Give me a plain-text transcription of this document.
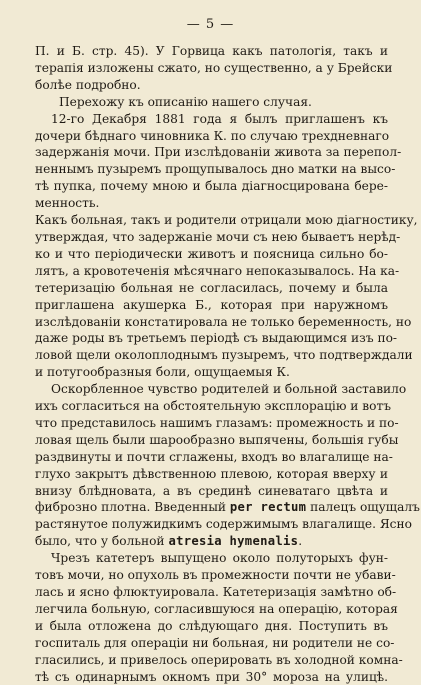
— 5 —

П. и Б. стр. 45). У Горвица какъ патологія, такъ и
терапія изложены сжато, но существенно, а у Брейски
болѣе подробно.

Перехожу къ описанію нашего случая.

12-го Декабря 1881 года я былъ приглашенъ къ
дочери бѣднаго чиновника К. по случаю трехдневнаго
задержанія мочи. При изслѣдованіи живота за перепол-
неннымъ пузыремъ прощупывалось дно матки на высо-
тѣ пупка, почему мною и была діагносцирована бере-
менность.

Какъ больная, такъ и родители отрицали мою діагностику,
утверждая, что задержаніе мочи съ нею бываетъ нерѣд-
ко и что періодически животъ и поясница сильно бо-
лятъ, а кровотеченія мѣсячнаго непоказывалось. На ка-
тетеризацію больная не согласилась, почему и была
приглашена акушерка Б., которая при наружномъ
изслѣдованіи констатировала не только беременность, но
даже роды въ третьемъ періодѣ съ выдающимся изъ по-
ловой щели околоплоднымъ пузыремъ, что подтверждали
и потугообразныя боли, ощущаемыя К.

Оскорбленное чувство родителей и больной заставило
ихъ согласиться на обстоятельную эксплорацію и вотъ
что представилось нашимъ глазамъ: промежность и по-
ловая щель были шарообразно выпячены, большія губы
раздвинуты и почти сглажены, входъ во влагалище на-
глухо закрытъ дѣвственною плевою, которая вверху и
внизу блѣдновата, а въ срединѣ синеватаго цвѣта и
фиброзно плотна. Введенный per rectum палецъ ощущалъ
растянутое полужидкимъ содержимымъ влагалище. Ясно
было, что у больной atresia hymenalis.

Чрезъ катетеръ выпущено около полуторыхъ фун-
товъ мочи, но опухоль въ промежности почти не убави-
лась и ясно флюктуировала. Катетеризація замѣтно об-
легчила больную, согласившуюся на операцію, которая
и была отложена до слѣдующаго дня. Поступить въ
госпиталь для операціи ни больная, ни родители не со-
гласились, и привелось оперировать въ холодной комна-
тѣ съ одинарнымъ окномъ при 30° мороза на улицѣ.
